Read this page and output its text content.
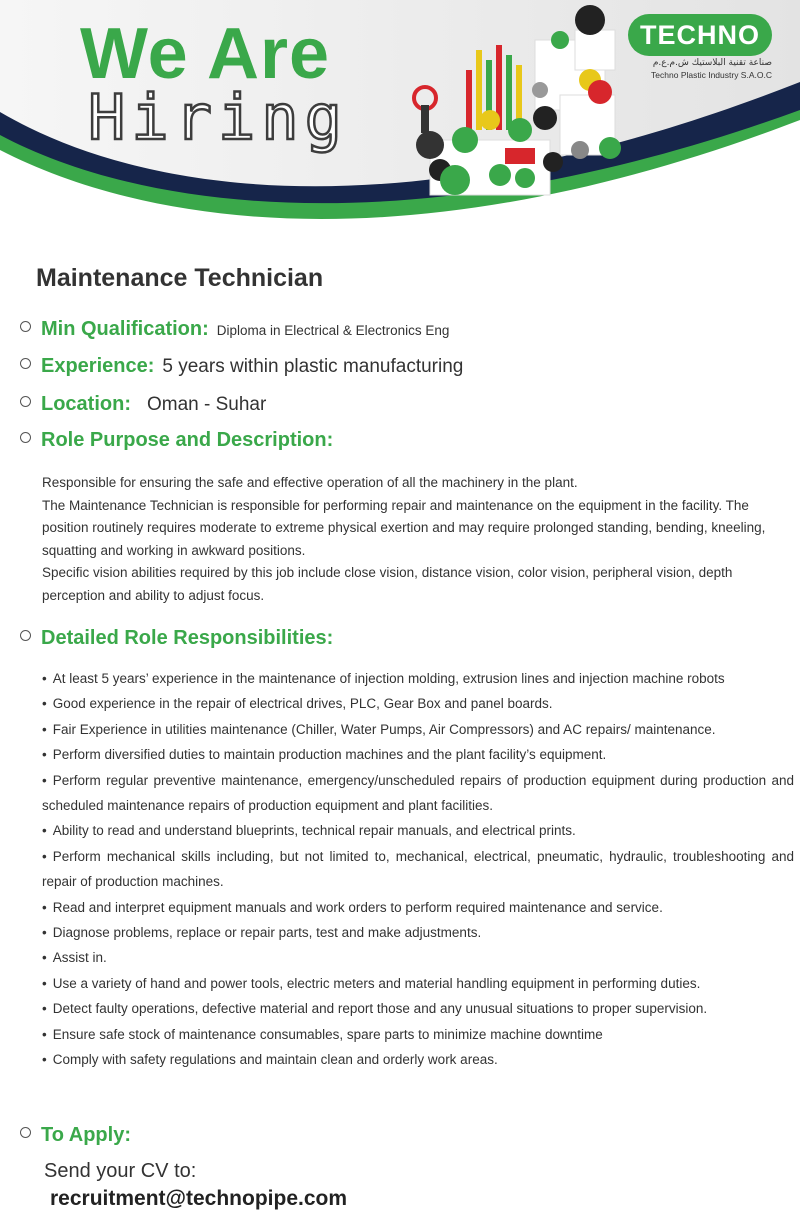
We Are
Hiring
TECHNO
صناعة تقنية البلاستيك ش.م.ع.م
Techno Plastic Industry S.A.O.C
Maintenance Technician
Min Qualification: Diploma in Electrical & Electronics Eng
Experience: 5 years within plastic manufacturing
Location: Oman - Suhar
Role Purpose and Description:
Responsible for ensuring the safe and effective operation of all the machinery in the plant.
The Maintenance Technician is responsible for performing repair and maintenance on the equipment in the facility. The position routinely requires moderate to extreme physical exertion and may require prolonged standing, bending, kneeling, squatting and working in awkward positions.
Specific vision abilities required by this job include close vision, distance vision, color vision, peripheral vision, depth perception and ability to adjust focus.
Detailed Role Responsibilities:
• At least 5 years’ experience in the maintenance of injection molding, extrusion lines and injection machine robots
• Good experience in the repair of electrical drives, PLC, Gear Box and panel boards.
• Fair Experience in utilities maintenance (Chiller, Water Pumps, Air Compressors) and AC repairs/ maintenance.
• Perform diversified duties to maintain production machines and the plant facility’s equipment.
• Perform regular preventive maintenance, emergency/unscheduled repairs of production equipment during production and scheduled maintenance repairs of production equipment and plant facilities.
• Ability to read and understand blueprints, technical repair manuals, and electrical prints.
• Perform mechanical skills including, but not limited to, mechanical, electrical, pneumatic, hydraulic, troubleshooting and repair of production machines.
• Read and interpret equipment manuals and work orders to perform required maintenance and service.
• Diagnose problems, replace or repair parts, test and make adjustments.
• Assist in.
• Use a variety of hand and power tools, electric meters and material handling equipment in performing duties.
• Detect faulty operations, defective material and report those and any unusual situations to proper supervision.
• Ensure safe stock of maintenance consumables, spare parts to minimize machine downtime
• Comply with safety regulations and maintain clean and orderly work areas.
To Apply:
Send your CV to:
recruitment@technopipe.com
